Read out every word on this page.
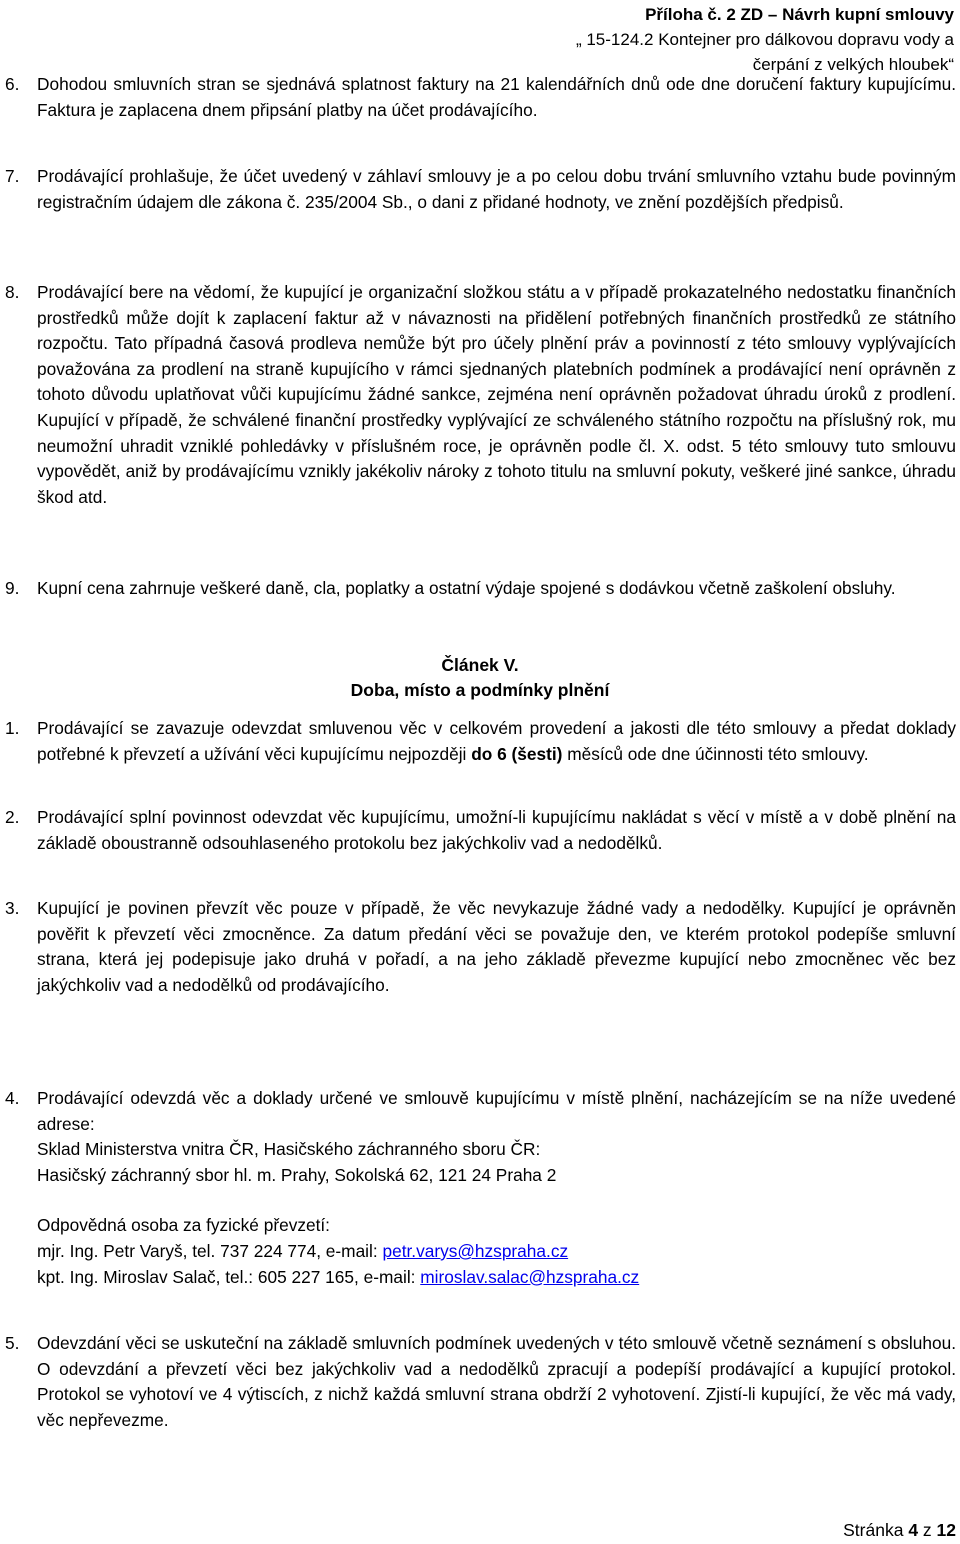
Příloha č. 2 ZD – Návrh kupní smlouvy
„ 15-124.2 Kontejner pro dálkovou dopravu vody a
čerpání z velkých hloubek“
6. Dohodou smluvních stran se sjednává splatnost faktury na 21 kalendářních dnů ode dne doručení faktury kupujícímu. Faktura je zaplacena dnem připsání platby na účet prodávajícího.
7. Prodávající prohlašuje, že účet uvedený v záhlaví smlouvy je a po celou dobu trvání smluvního vztahu bude povinným registračním údajem dle zákona č. 235/2004 Sb., o dani z přidané hodnoty, ve znění pozdějších předpisů.
8. Prodávající bere na vědomí, že kupující je organizační složkou státu a v případě prokazatelného nedostatku finančních prostředků může dojít k zaplacení faktur až v návaznosti na přidělení potřebných finančních prostředků ze státního rozpočtu. Tato případná časová prodleva nemůže být pro účely plnění práv a povinností z této smlouvy vyplývajících považována za prodlení na straně kupujícího v rámci sjednaných platebních podmínek a prodávající není oprávněn z tohoto důvodu uplatňovat vůči kupujícímu žádné sankce, zejména není oprávněn požadovat úhradu úroků z prodlení. Kupující v případě, že schválené finanční prostředky vyplývající ze schváleného státního rozpočtu na příslušný rok, mu neumožní uhradit vzniklé pohledávky v příslušném roce, je oprávněn podle čl. X. odst. 5 této smlouvy tuto smlouvu vypovědět, aniž by prodávajícímu vznikly jakékoliv nároky z tohoto titulu na smluvní pokuty, veškeré jiné sankce, úhradu škod atd.
9. Kupní cena zahrnuje veškeré daně, cla, poplatky a ostatní výdaje spojené s dodávkou včetně zaškolení obsluhy.
Článek V.
Doba, místo a podmínky plnění
1. Prodávající se zavazuje odevzdat smluvenou věc v celkovém provedení a jakosti dle této smlouvy a předat doklady potřebné k převzetí a užívání věci kupujícímu nejpozději do 6 (šesti) měsíců ode dne účinnosti této smlouvy.
2. Prodávající splní povinnost odevzdat věc kupujícímu, umožní-li kupujícímu nakládat s věcí v místě a v době plnění na základě oboustranně odsouhlaseného protokolu bez jakýchkoliv vad a nedodělků.
3. Kupující je povinen převzít věc pouze v případě, že věc nevykazuje žádné vady a nedodělky. Kupující je oprávněn pověřit k převzetí věci zmocněnce. Za datum předání věci se považuje den, ve kterém protokol podepíše smluvní strana, která jej podepisuje jako druhá v pořadí, a na jeho základě převezme kupující nebo zmocněnec věc bez jakýchkoliv vad a nedodělků od prodávajícího.
4. Prodávající odevzdá věc a doklady určené ve smlouvě kupujícímu v místě plnění, nacházejícím se na níže uvedené adrese:
Sklad Ministerstva vnitra ČR, Hasičského záchranného sboru ČR:
Hasičský záchranný sbor hl. m. Prahy, Sokolská 62, 121 24 Praha 2
Odpovědná osoba za fyzické převzetí:
mjr. Ing. Petr Varyš, tel. 737 224 774, e-mail: petr.varys@hzspraha.cz
kpt. Ing. Miroslav Salač, tel.: 605 227 165, e-mail: miroslav.salac@hzspraha.cz
5. Odevzdání věci se uskuteční na základě smluvních podmínek uvedených v této smlouvě včetně seznámení s obsluhou. O odevzdání a převzetí věci bez jakýchkoliv vad a nedodělků zpracují a podepíší prodávající a kupující protokol. Protokol se vyhotoví ve 4 výtiscích, z nichž každá smluvní strana obdrží 2 vyhotovení. Zjistí-li kupující, že věc má vady, věc nepřevezme.
Stránka 4 z 12
